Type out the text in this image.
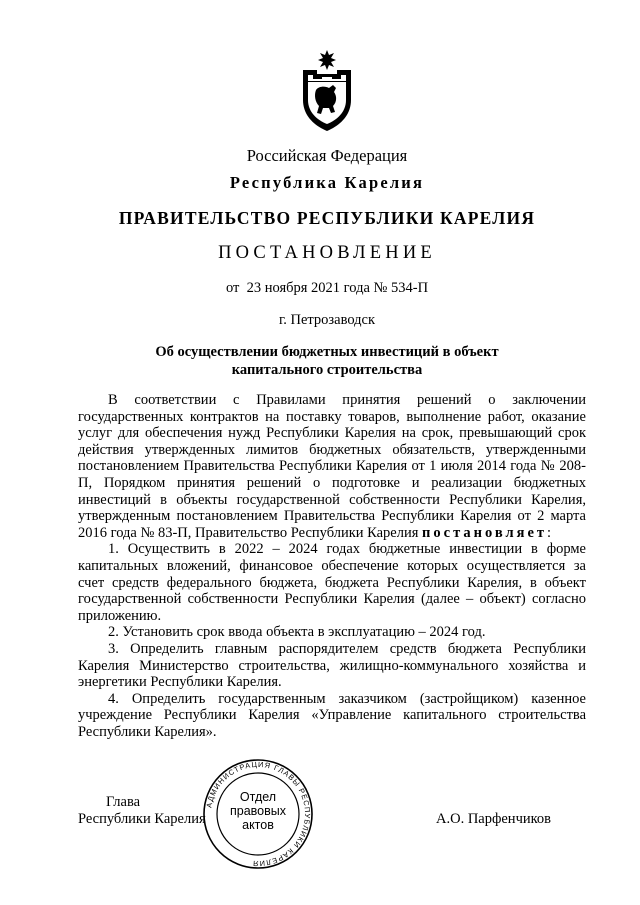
Российская Федерация
Республика Карелия
ПРАВИТЕЛЬСТВО РЕСПУБЛИКИ КАРЕЛИЯ
ПОСТАНОВЛЕНИЕ
от  23 ноября 2021 года № 534-П
г. Петрозаводск
Об осуществлении бюджетных инвестиций в объект
капитального строительства

В соответствии с Правилами принятия решений о заключении государственных контрактов на поставку товаров, выполнение работ, оказание услуг для обеспечения нужд Республики Карелия на срок, превышающий срок действия утвержденных лимитов бюджетных обязательств, утвержденными постановлением Правительства Республики Карелия от 1 июля 2014 года № 208-П, Порядком принятия решений о подготовке и реализации бюджетных инвестиций в объекты государственной собственности Республики Карелия, утвержденным постановлением Правительства Республики Карелия от 2 марта 2016 года № 83-П, Правительство Республики Карелия постановляет:

1. Осуществить в 2022 – 2024 годах бюджетные инвестиции в форме капитальных вложений, финансовое обеспечение которых осуществляется за счет средств федерального бюджета, бюджета Республики Карелия, в объект государственной собственности Республики Карелия (далее – объект) согласно приложению.

2. Установить срок ввода объекта в эксплуатацию – 2024 год.

3. Определить главным распорядителем средств бюджета Республики Карелия Министерство строительства, жилищно-коммунального хозяйства и энергетики Республики Карелия.

4. Определить государственным заказчиком (застройщиком) казенное учреждение Республики Карелия «Управление капитального строительства Республики Карелия».

Глава
Республики Карелия
АДМИНИСТРАЦИЯ ГЛАВЫ РЕСПУБЛИКИ КАРЕЛИЯ
Отдел
правовых
актов	А.О. Парфенчиков
